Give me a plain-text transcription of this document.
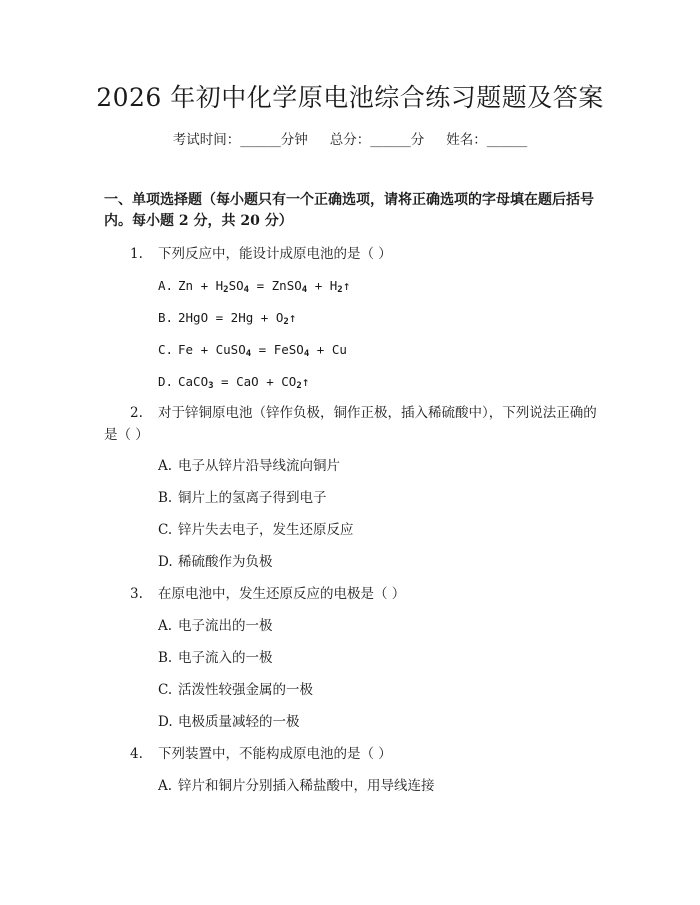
2026 年初中化学原电池综合练习题题及答案
考试时间：______分钟 总分：______分 姓名：______
一、单项选择题（每小题只有一个正确选项，请将正确选项的字母填在题后括号内。每小题 2 分，共 20 分）
1. 下列反应中，能设计成原电池的是（ ）
A. $Zn + H_2SO_4$ = ZnSO$_4$ + $H_2↑$
B. $2HgO = 2Hg + O_2↑$
C. Fe + CuSO$_4$ = FeSO$_4$ + Cu
D. CaCO$_3$ = CaO + $CO_2↑$
2. 对于锌铜原电池（锌作负极，铜作正极，插入稀硫酸中），下列说法正确的是（ ）
A. 电子从锌片沿导线流向铜片
B. 铜片上的氢离子得到电子
C. 锌片失去电子，发生还原反应
D. 稀硫酸作为负极
3. 在原电池中，发生还原反应的电极是（ ）
A. 电子流出的一极
B. 电子流入的一极
C. 活泼性较强金属的一极
D. 电极质量减轻的一极
4. 下列装置中，不能构成原电池的是（ ）
A. 锌片和铜片分别插入稀盐酸中，用导线连接
